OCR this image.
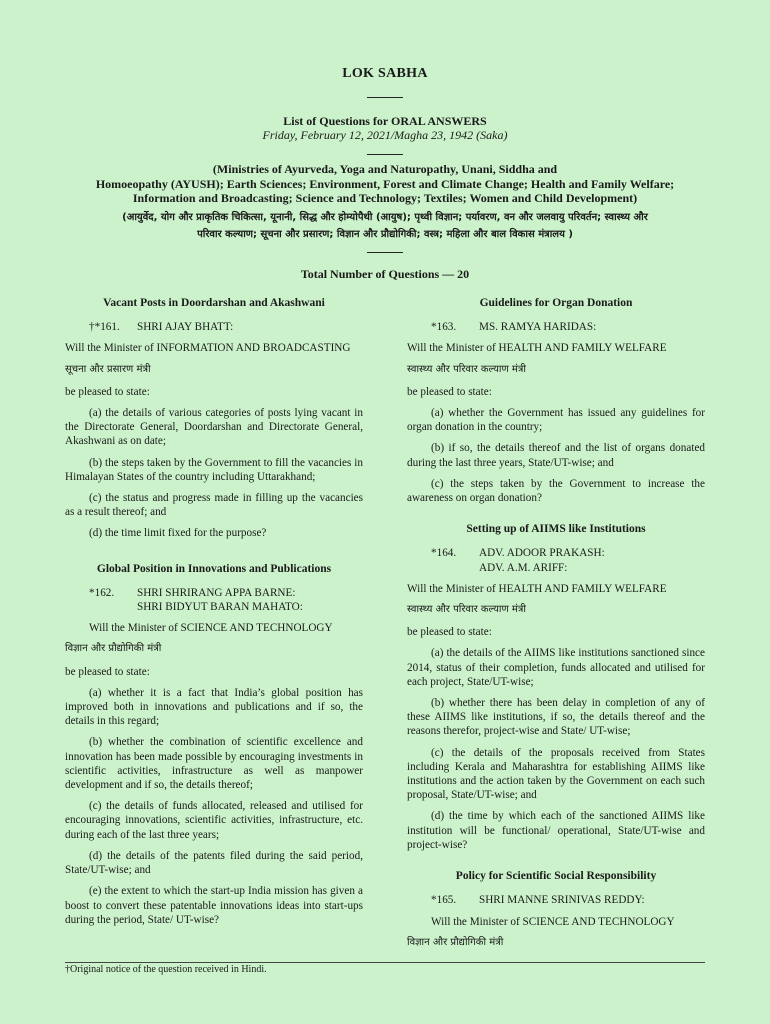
LOK SABHA
List of Questions for ORAL ANSWERS
Friday, February 12, 2021/Magha 23, 1942 (Saka)
(Ministries of Ayurveda, Yoga and Naturopathy, Unani, Siddha and
Homoeopathy (AYUSH); Earth Sciences; Environment, Forest and Climate Change; Health and Family Welfare;
Information and Broadcasting; Science and Technology; Textiles; Women and Child Development)
(आयुर्वेद, योग और प्राकृतिक चिकित्सा, यूनानी, सिद्ध और होम्योपैथी (आयुष); पृथ्वी विज्ञान; पर्यावरण, वन और जलवायु परिवर्तन; स्वास्थ्य और
परिवार कल्याण; सूचना और प्रसारण; विज्ञान और प्रौद्योगिकी; वस्त्र; महिला और बाल विकास मंत्रालय )
Total Number of Questions — 20
Vacant Posts in Doordarshan and Akashwani
†*161.	SHRI AJAY BHATT:
Will the Minister of INFORMATION AND BROADCASTING
सूचना और प्रसारण मंत्री
be pleased to state:
(a) the details of various categories of posts lying vacant in the Directorate General, Doordarshan and Directorate General, Akashwani as on date;
(b) the steps taken by the Government to fill the vacancies in Himalayan States of the country including Uttarakhand;
(c) the status and progress made in filling up the vacancies as a result thereof; and
(d) the time limit fixed for the purpose?
Global Position in Innovations and Publications
*162.	SHRI SHRIRANG APPA BARNE:
SHRI BIDYUT BARAN MAHATO:
Will the Minister of SCIENCE AND TECHNOLOGY
विज्ञान और प्रौद्योगिकी मंत्री
be pleased to state:
(a) whether it is a fact that India’s global position has improved both in innovations and publications and if so, the details in this regard;
(b) whether the combination of scientific excellence and innovation has been made possible by encouraging investments in scientific activities, infrastructure as well as manpower development and if so, the details thereof;
(c) the details of funds allocated, released and utilised for encouraging innovations, scientific activities, infrastructure, etc. during each of the last three years;
(d) the details of the patents filed during the said period, State/UT-wise; and
(e) the extent to which the start-up India mission has given a boost to convert these patentable innovations ideas into start-ups during the period, State/ UT-wise?
Guidelines for Organ Donation
*163.	MS. RAMYA HARIDAS:
Will the Minister of HEALTH AND FAMILY WELFARE
स्वास्थ्य और परिवार कल्याण मंत्री
be pleased to state:
(a) whether the Government has issued any guidelines for organ donation in the country;
(b) if so, the details thereof and the list of organs donated during the last three years, State/UT-wise; and
(c) the steps taken by the Government to increase the awareness on organ donation?
Setting up of AIIMS like Institutions
*164.	ADV. ADOOR PRAKASH:
ADV. A.M. ARIFF:
Will the Minister of HEALTH AND FAMILY WELFARE
स्वास्थ्य और परिवार कल्याण मंत्री
be pleased to state:
(a) the details of the AIIMS like institutions sanctioned since 2014, status of their completion, funds allocated and utilised for each project, State/UT-wise;
(b) whether there has been delay in completion of any of these AIIMS like institutions, if so, the details thereof and the reasons therefor, project-wise and State/ UT-wise;
(c) the details of the proposals received from States including Kerala and Maharashtra for establishing AIIMS like institutions and the action taken by the Government on each such proposal, State/UT-wise; and
(d) the time by which each of the sanctioned AIIMS like institution will be functional/ operational, State/UT-wise and project-wise?
Policy for Scientific Social Responsibility
*165.	SHRI MANNE SRINIVAS REDDY:
Will the Minister of SCIENCE AND TECHNOLOGY
विज्ञान और प्रौद्योगिकी मंत्री
†Original notice of the question received in Hindi.
